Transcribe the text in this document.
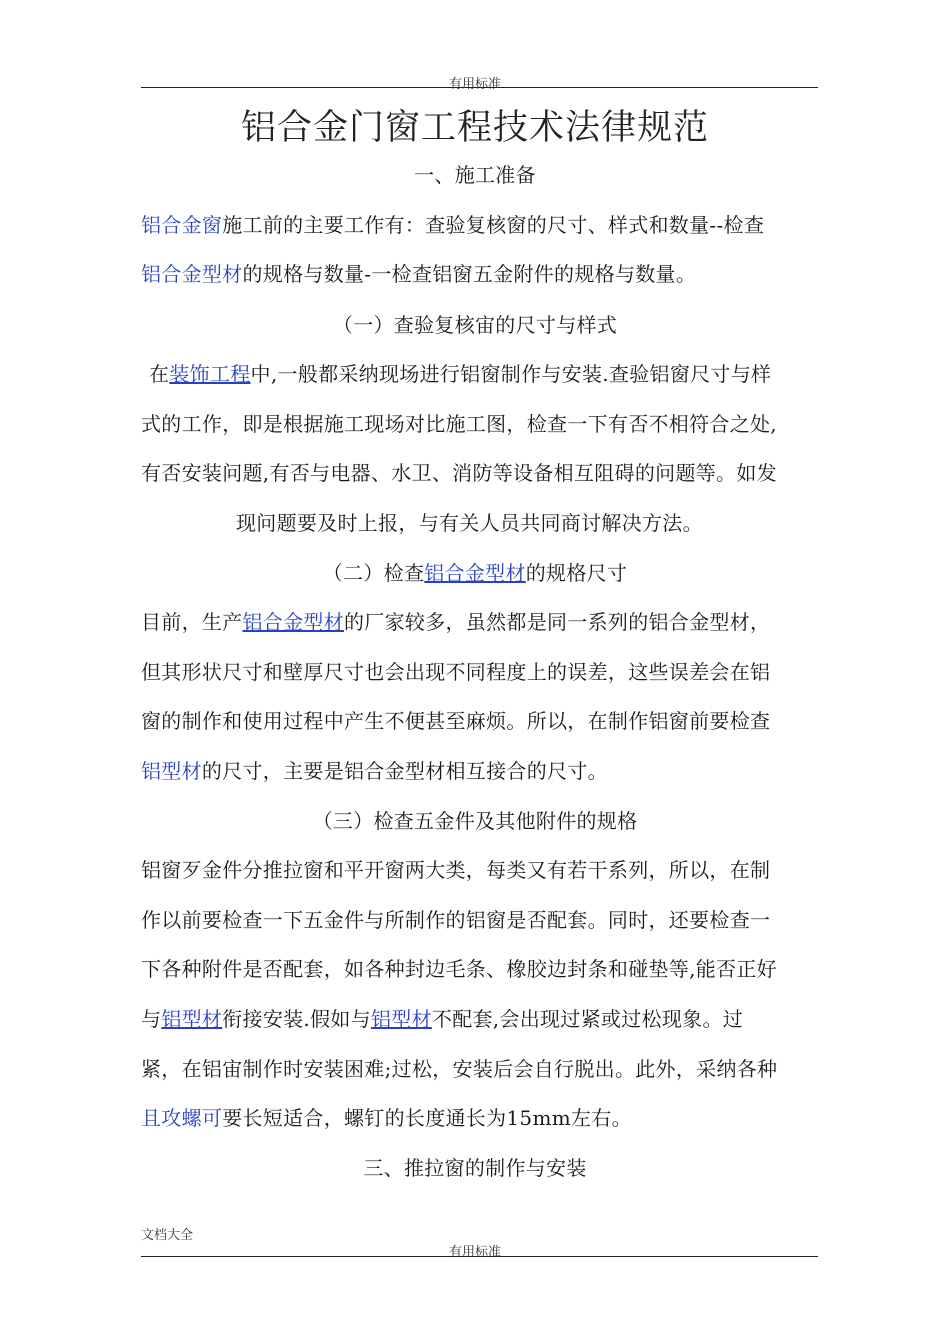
有用标准
铝合金门窗工程技术法律规范
一、施工准备
铝合金窗施工前的主要工作有：查验复核窗的尺寸、样式和数量--检查
铝合金型材的规格与数量-一检查铝窗五金附件的规格与数量。
（一）查验复核宙的尺寸与样式
在装饰工程中,一般都采纳现场进行铝窗制作与安装.查验铝窗尺寸与样
式的工作，即是根据施工现场对比施工图，检查一下有否不相符合之处,
有否安装问题,有否与电器、水卫、消防等设备相互阻碍的问题等。如发
现问题要及时上报，与有关人员共同商讨解决方法。
（二）检查铝合金型材的规格尺寸
目前，生产铝合金型材的厂家较多，虽然都是同一系列的铝合金型材，
但其形状尺寸和壁厚尺寸也会出现不同程度上的误差，这些误差会在铝
窗的制作和使用过程中产生不便甚至麻烦。所以，在制作铝窗前要检查
铝型材的尺寸，主要是铝合金型材相互接合的尺寸。
（三）检查五金件及其他附件的规格
铝窗歹金件分推拉窗和平开窗两大类，每类又有若干系列，所以，在制
作以前要检查一下五金件与所制作的铝窗是否配套。同时，还要检查一
下各种附件是否配套，如各种封边毛条、橡胶边封条和碰垫等,能否正好
与铝型材衔接安装.假如与铝型材不配套,会出现过紧或过松现象。过
紧，在铝宙制作时安装困难;过松，安装后会自行脱出。此外，采纳各种
且攻螺可要长短适合，螺钉的长度通长为15mm左右。
三、推拉窗的制作与安装
文档大全
有用标准
